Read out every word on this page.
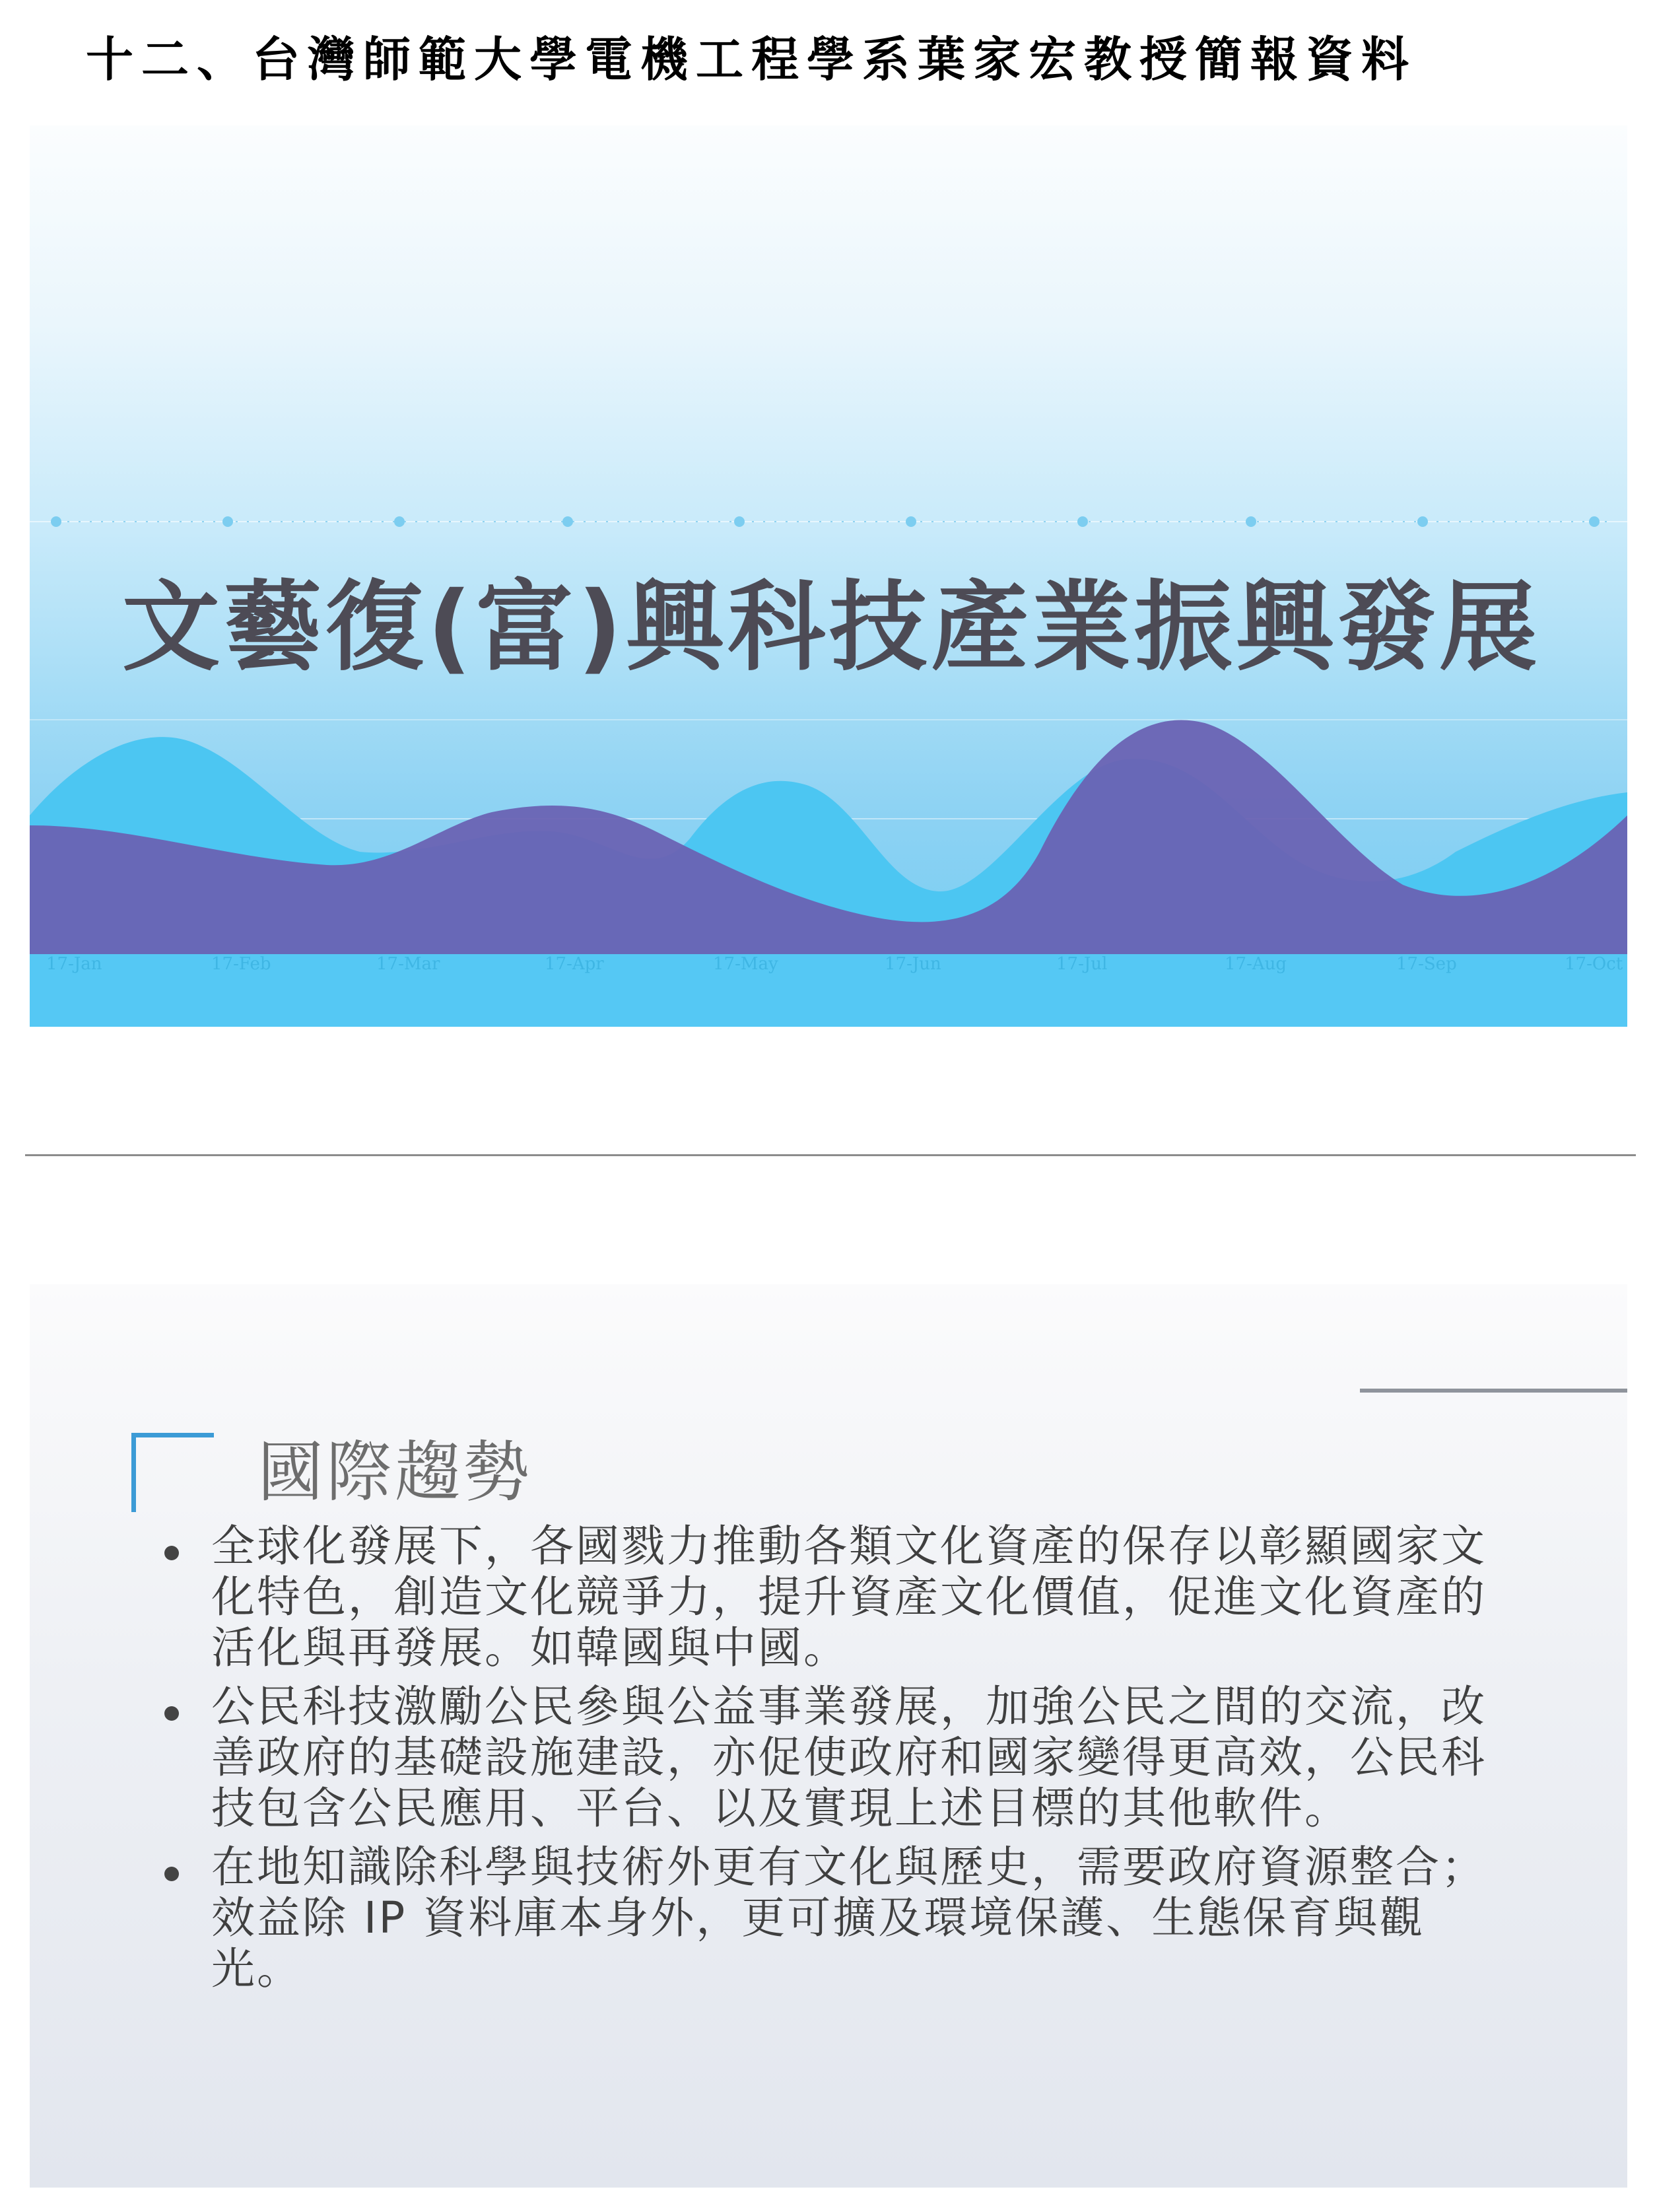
十二、台灣師範大學電機工程學系葉家宏教授簡報資料
文藝復(富)興科技產業振興發展
17-Jan	17-Feb	17-Mar	17-Apr	17-May	17-Jun	17-Jul	17-Aug	17-Sep	17-Oct
國際趨勢
全球化發展下，各國戮力推動各類文化資產的保存以彰顯國家文化特色，創造文化競爭力，提升資產文化價值，促進文化資產的活化與再發展。如韓國與中國。
公民科技激勵公民參與公益事業發展，加強公民之間的交流，改善政府的基礎設施建設，亦促使政府和國家變得更高效，公民科技包含公民應用、平台、以及實現上述目標的其他軟件。
在地知識除科學與技術外更有文化與歷史，需要政府資源整合；效益除 IP 資料庫本身外，更可擴及環境保護、生態保育與觀光。
